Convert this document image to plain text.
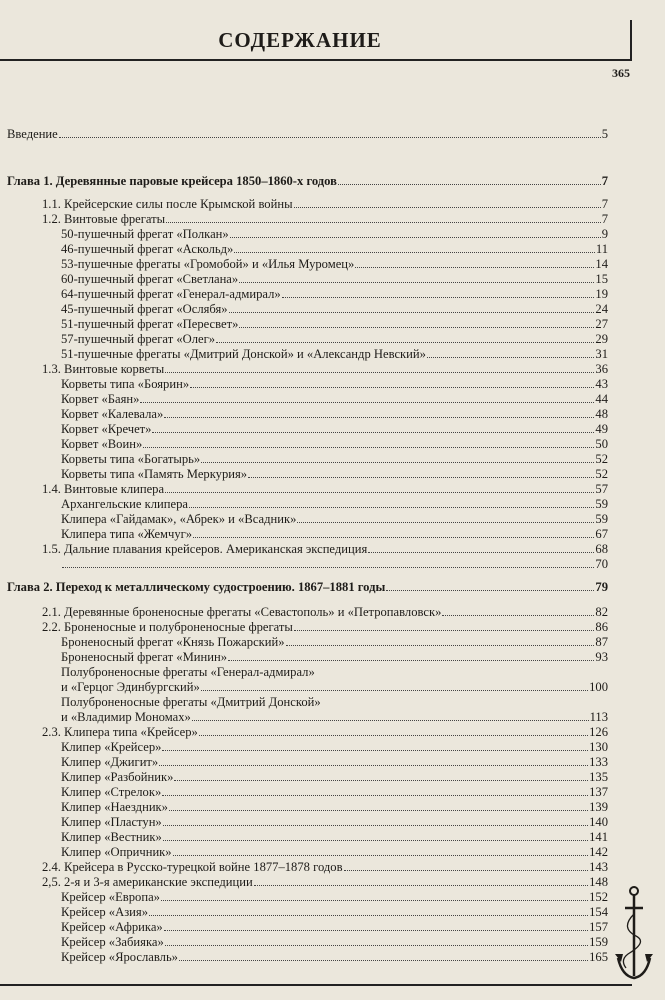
СОДЕРЖАНИЕ
365
Введение	5
Глава 1. Деревянные паровые крейсера 1850–1860-х годов	7
1.1. Крейсерские силы после Крымской войны	7
1.2. Винтовые фрегаты	7
50-пушечный фрегат «Полкан»	9
46-пушечный фрегат «Аскольд»	11
53-пушечные фрегаты «Громобой» и «Илья Муромец»	14
60-пушечный фрегат «Светлана»	15
64-пушечный фрегат «Генерал-адмирал»	19
45-пушечный фрегат «Ослябя»	24
51-пушечный фрегат «Пересвет»	27
57-пушечный фрегат «Олег»	29
51-пушечные фрегаты «Дмитрий Донской» и «Александр Невский»	31
1.3. Винтовые корветы	36
Корветы типа «Боярин»	43
Корвет «Баян»	44
Корвет «Калевала»	48
Корвет «Кречет»	49
Корвет «Воин»	50
Корветы типа «Богатырь»	52
Корветы типа «Память Меркурия»	52
1.4. Винтовые клипера	57
Архангельские клипера	59
Клипера «Гайдамак», «Абрек» и «Всадник»	59
Клипера типа «Жемчуг»	67
1.5. Дальние плавания крейсеров. Американская экспедиция	68
70
Глава 2. Переход к металлическому судостроению. 1867–1881 годы	79
2.1. Деревянные броненосные фрегаты «Севастополь» и «Петропавловск»	82
2.2. Броненосные и полуброненосные фрегаты	86
Броненосный фрегат «Князь Пожарский»	87
Броненосный фрегат «Минин»	93
Полуброненосные фрегаты «Генерал-адмирал»
и «Герцог Эдинбургский»	100
Полуброненосные фрегаты «Дмитрий Донской»
и «Владимир Мономах»	113
2.3. Клипера типа «Крейсер»	126
Клипер «Крейсер»	130
Клипер «Джигит»	133
Клипер «Разбойник»	135
Клипер «Стрелок»	137
Клипер «Наездник»	139
Клипер «Пластун»	140
Клипер «Вестник»	141
Клипер «Опричник»	142
2.4. Крейсера в Русско-турецкой войне 1877–1878 годов	143
2,5. 2-я и 3-я американские экспедиции	148
Крейсер «Европа»	152
Крейсер «Азия»	154
Крейсер «Африка»	157
Крейсер «Забияка»	159
Крейсер «Ярославль»	165
